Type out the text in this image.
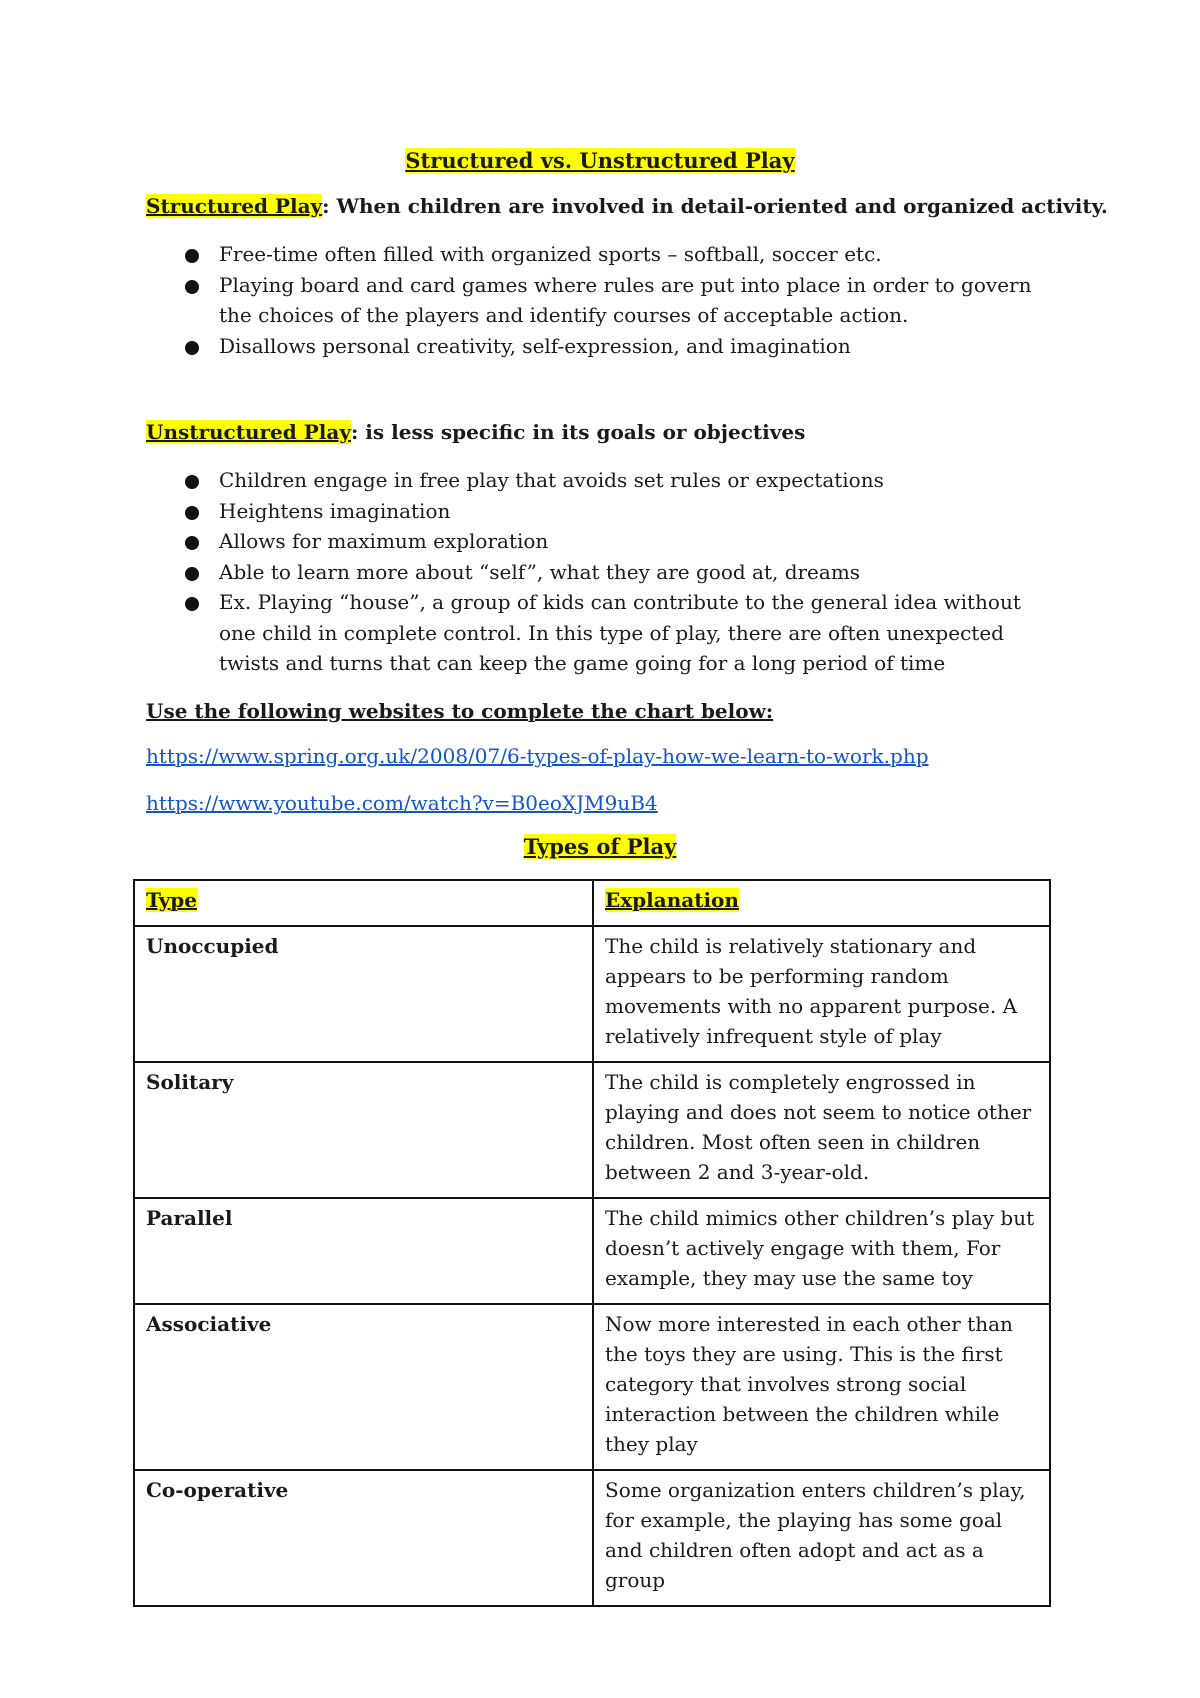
Structured vs. Unstructured Play
Structured Play: When children are involved in detail-oriented and organized activity.
Free-time often filled with organized sports – softball, soccer etc.
Playing board and card games where rules are put into place in order to govern the choices of the players and identify courses of acceptable action.
Disallows personal creativity, self-expression, and imagination
Unstructured Play: is less specific in its goals or objectives
Children engage in free play that avoids set rules or expectations
Heightens imagination
Allows for maximum exploration
Able to learn more about “self”, what they are good at, dreams
Ex. Playing “house”, a group of kids can contribute to the general idea without one child in complete control. In this type of play, there are often unexpected twists and turns that can keep the game going for a long period of time
Use the following websites to complete the chart below:
https://www.spring.org.uk/2008/07/6-types-of-play-how-we-learn-to-work.php
https://www.youtube.com/watch?v=B0eoXJM9uB4
Types of Play
Type	Explanation
Unoccupied	The child is relatively stationary and appears to be performing random movements with no apparent purpose. A relatively infrequent style of play
Solitary	The child is completely engrossed in playing and does not seem to notice other children. Most often seen in children between 2 and 3-year-old.
Parallel	The child mimics other children’s play but doesn’t actively engage with them, For example, they may use the same toy
Associative	Now more interested in each other than the toys they are using. This is the first category that involves strong social interaction between the children while they play
Co-operative	Some organization enters children’s play, for example, the playing has some goal and children often adopt and act as a group
